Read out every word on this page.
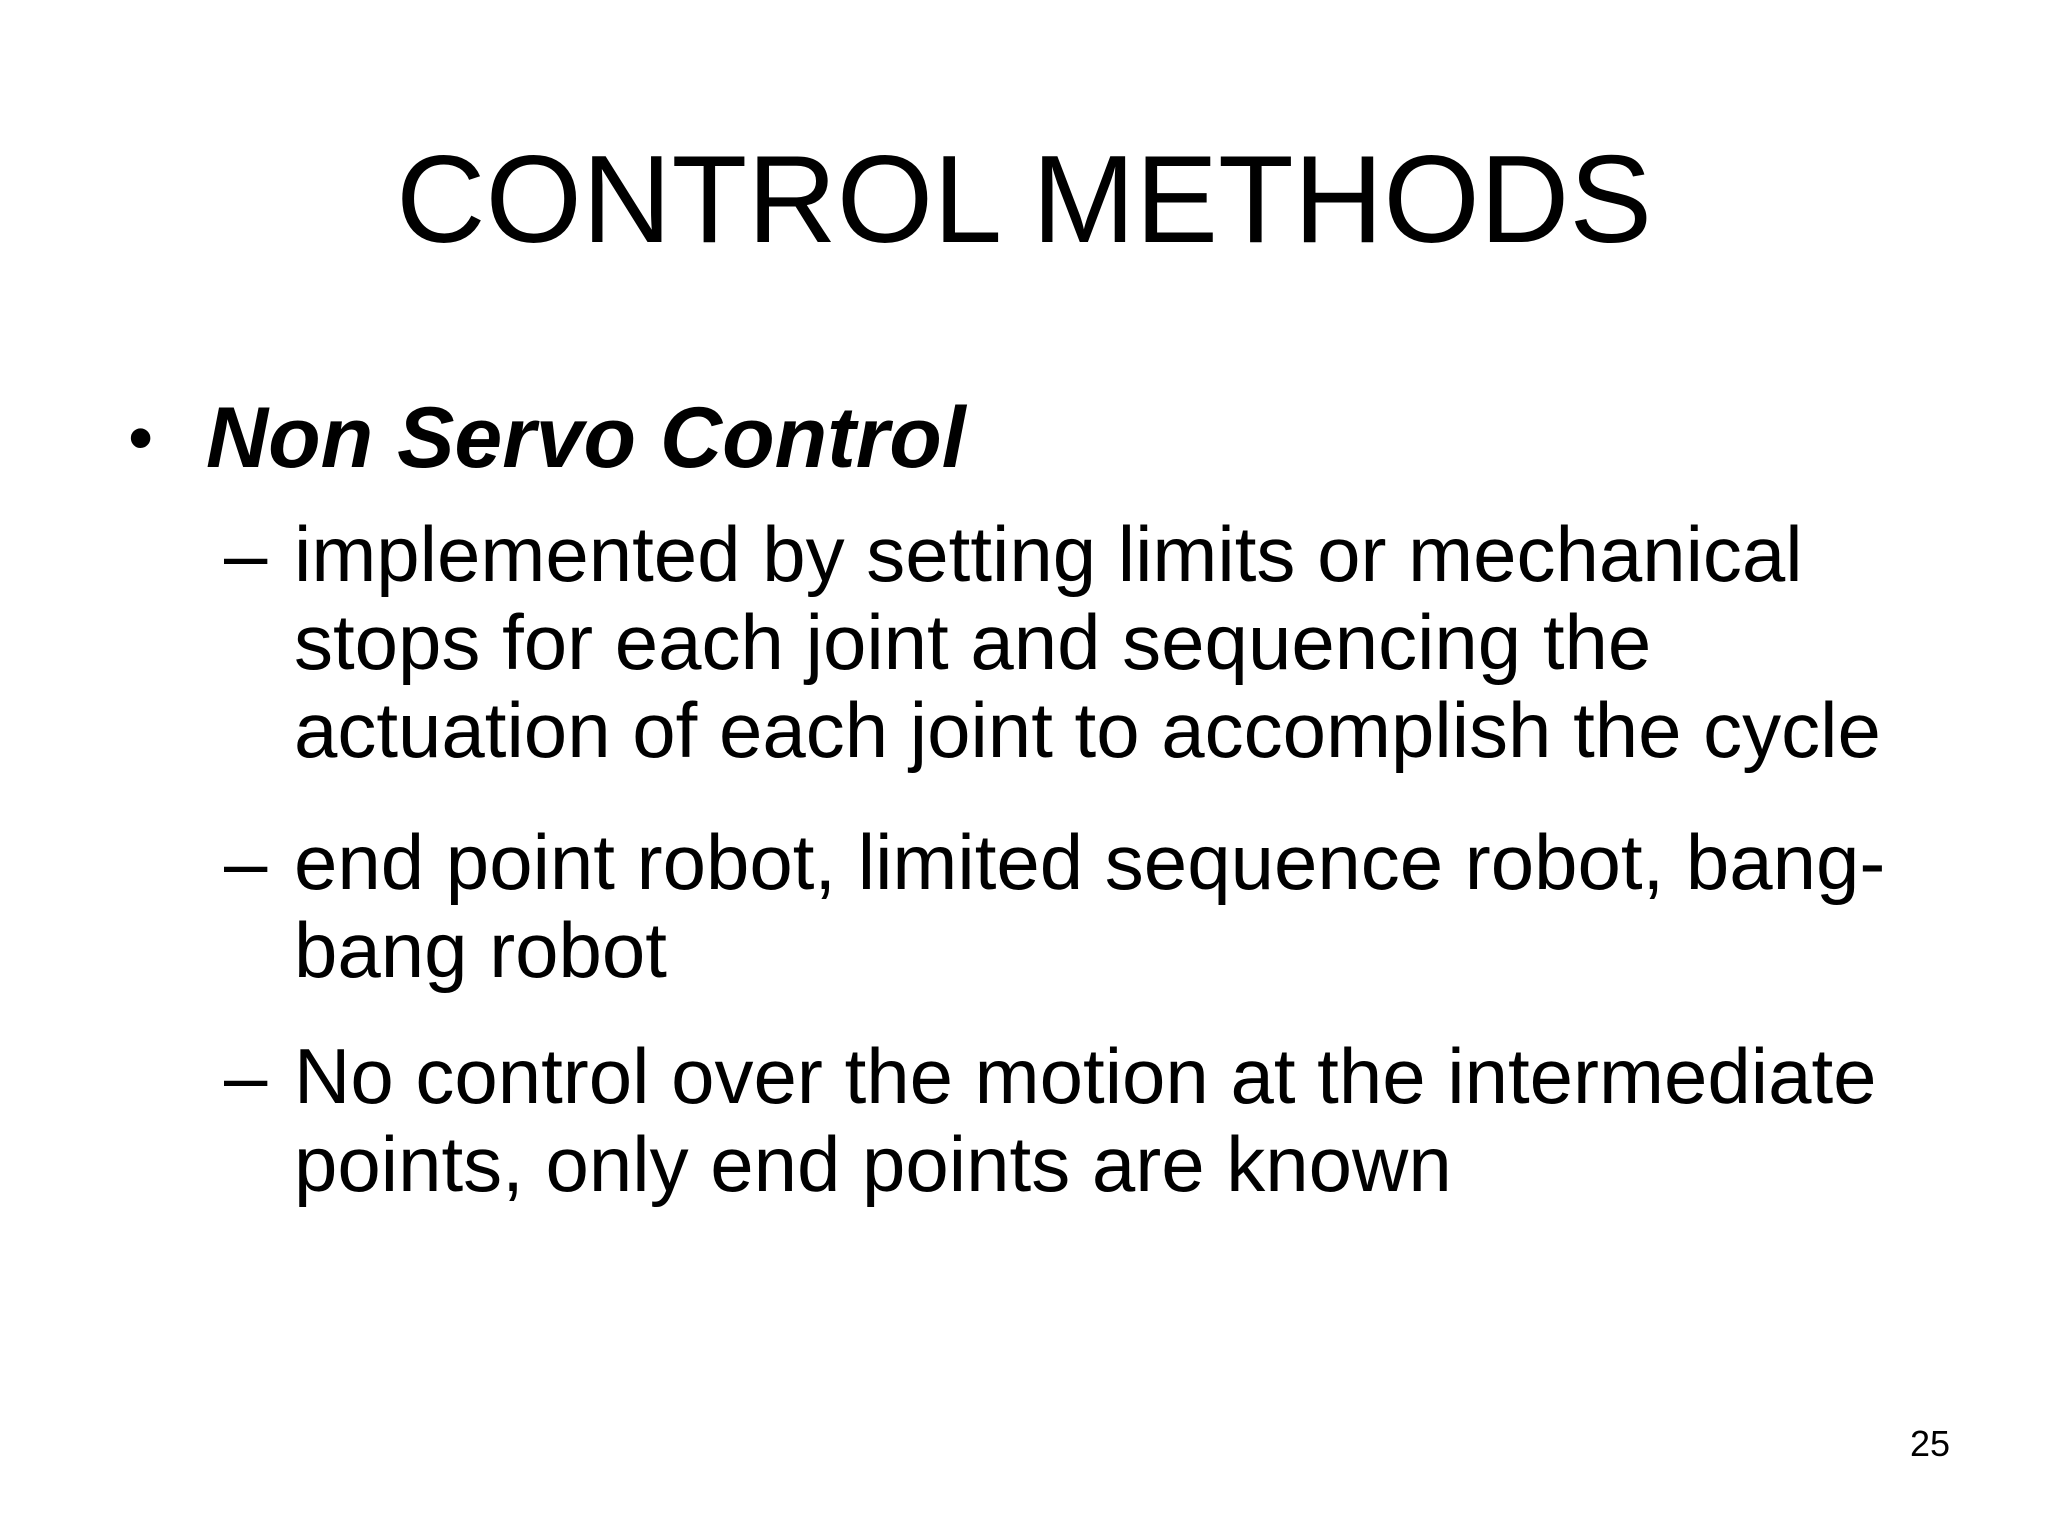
CONTROL METHODS
• Non Servo Control
– implemented by setting limits or mechanical
stops for each joint and sequencing the
actuation of each joint to accomplish the cycle
– end point robot, limited sequence robot, bang-
bang robot
– No control over the motion at the intermediate
points, only end points are known
25
